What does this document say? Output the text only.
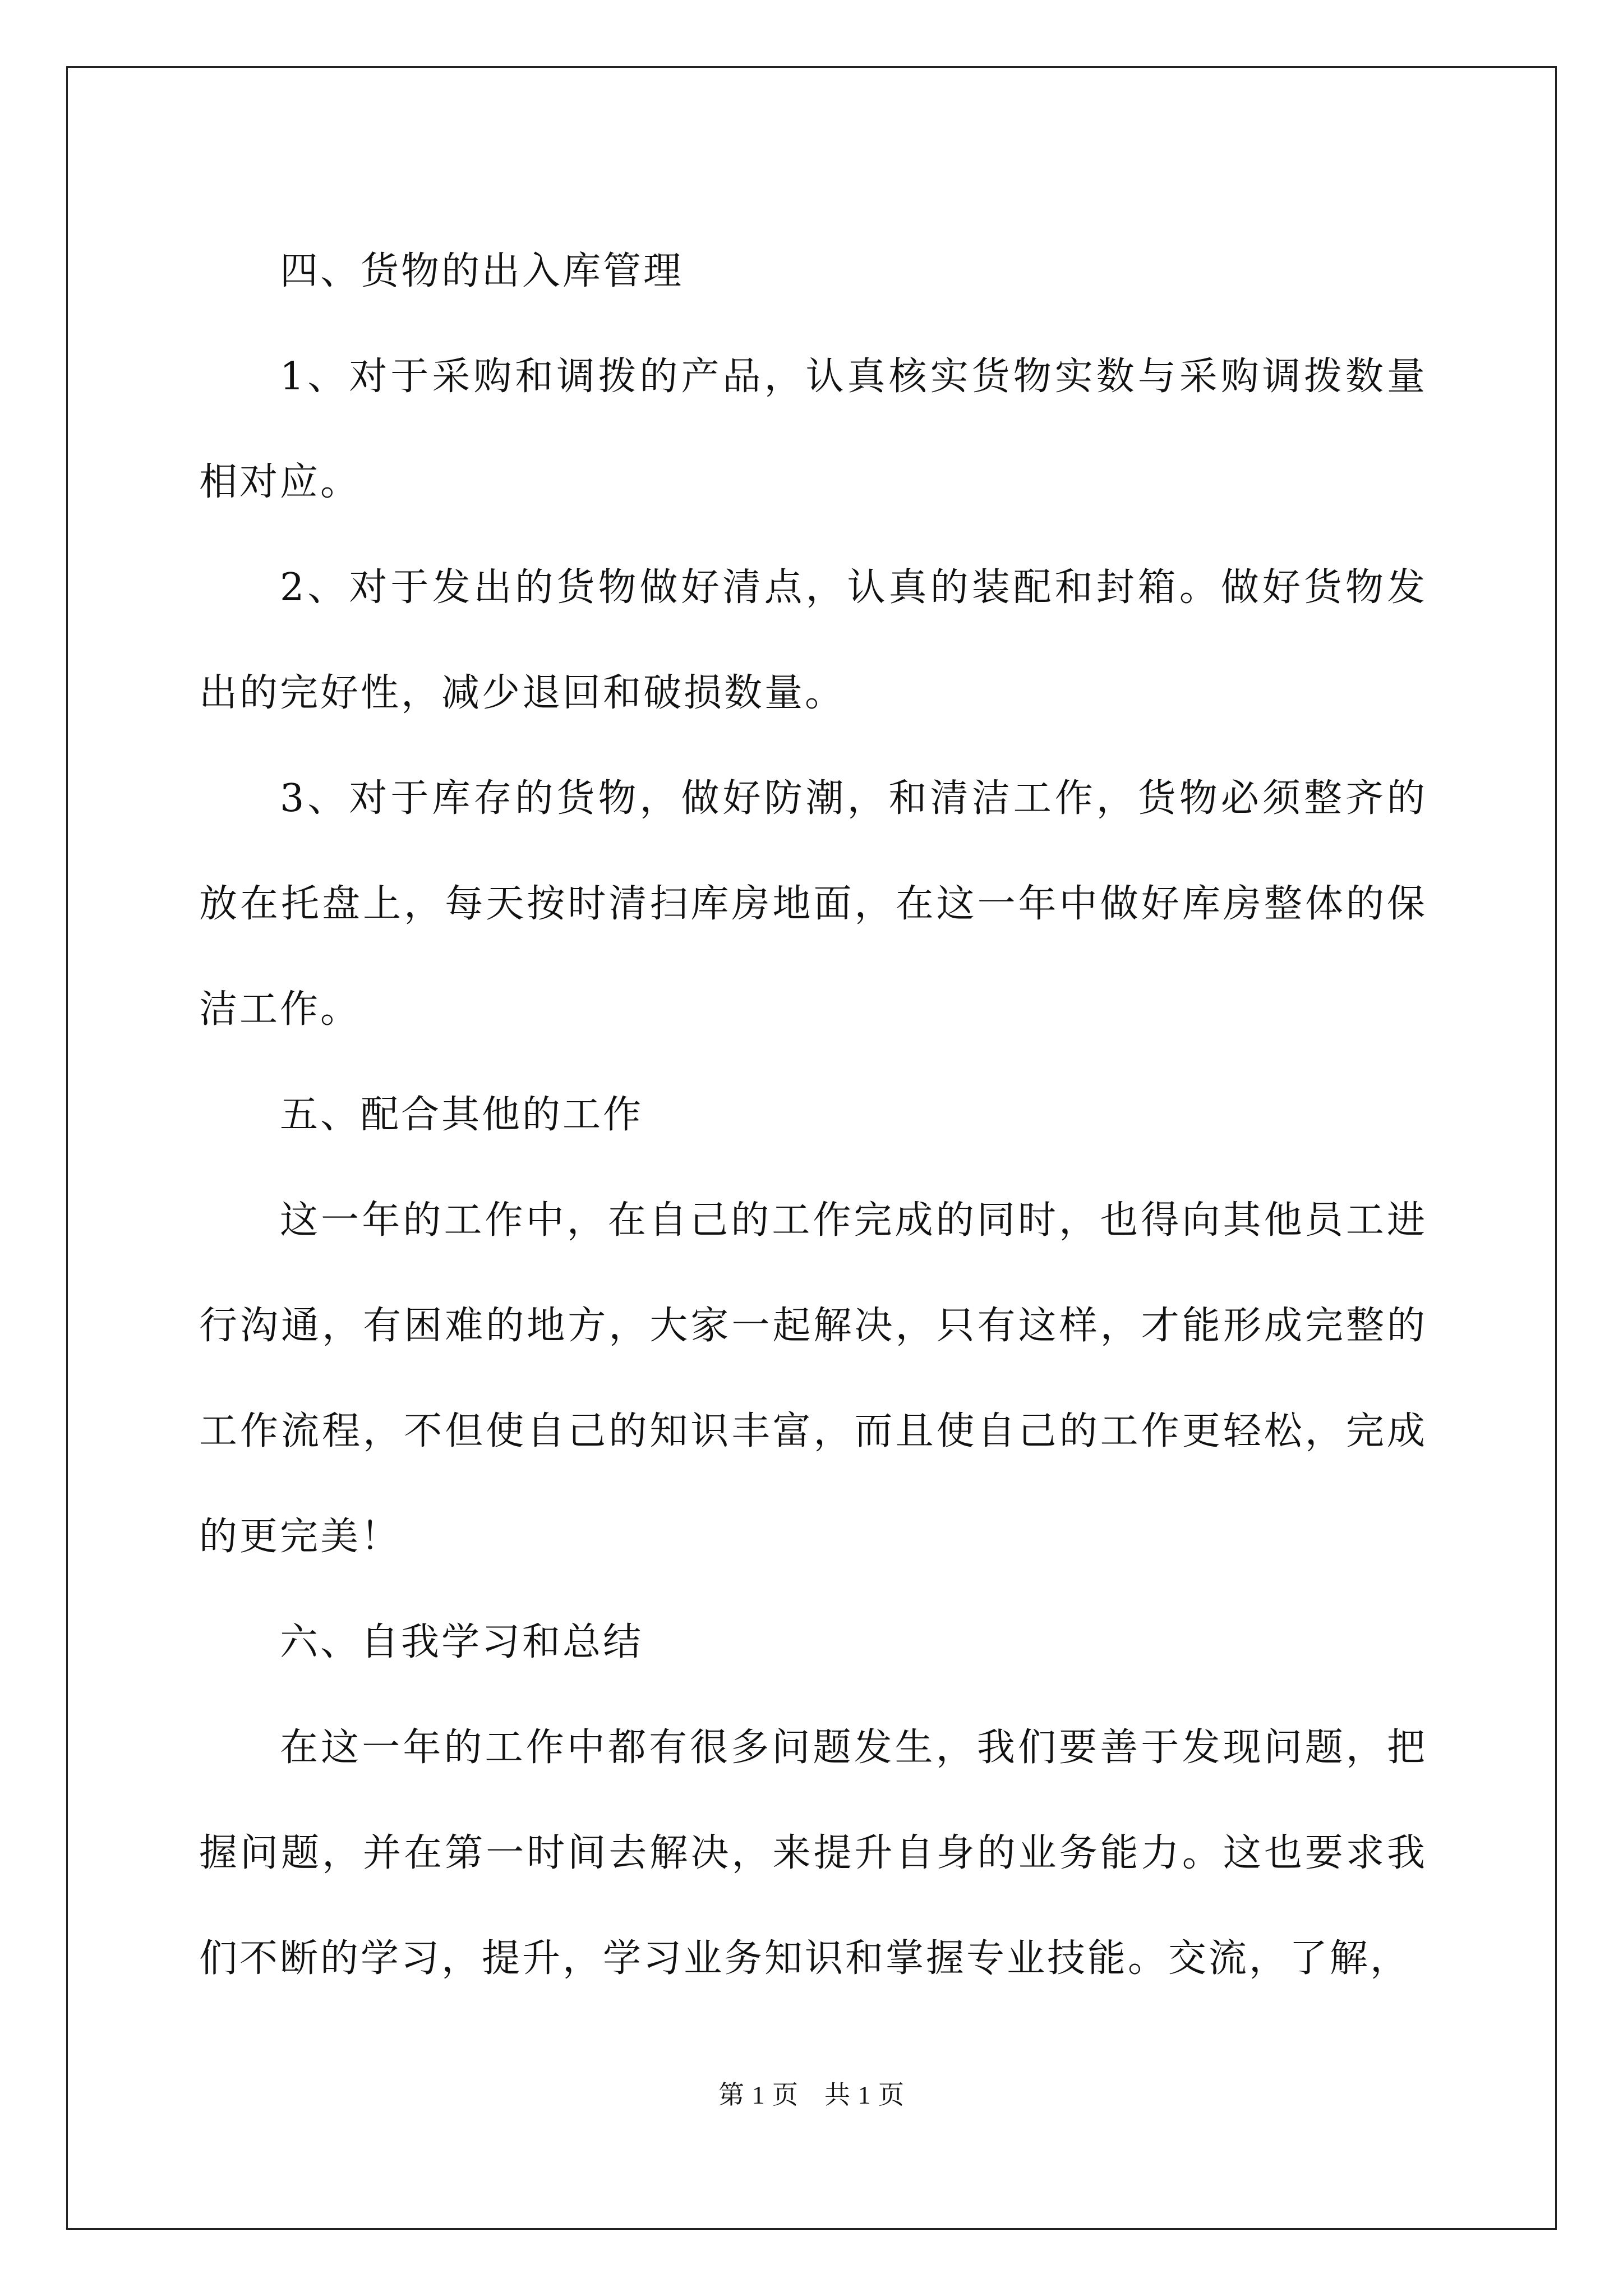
四、货物的出入库管理

1、对于采购和调拨的产品，认真核实货物实数与采购调拨数量相对应。

2、对于发出的货物做好清点，认真的装配和封箱。做好货物发出的完好性，减少退回和破损数量。

3、对于库存的货物，做好防潮，和清洁工作，货物必须整齐的放在托盘上，每天按时清扫库房地面，在这一年中做好库房整体的保洁工作。

五、配合其他的工作

这一年的工作中，在自己的工作完成的同时，也得向其他员工进行沟通，有困难的地方，大家一起解决，只有这样，才能形成完整的工作流程，不但使自己的知识丰富，而且使自己的工作更轻松，完成的更完美！

六、自我学习和总结

在这一年的工作中都有很多问题发生，我们要善于发现问题，把握问题，并在第一时间去解决，来提升自身的业务能力。这也要求我们不断的学习，提升，学习业务知识和掌握专业技能。交流，了解，

第 1 页 共 1 页
